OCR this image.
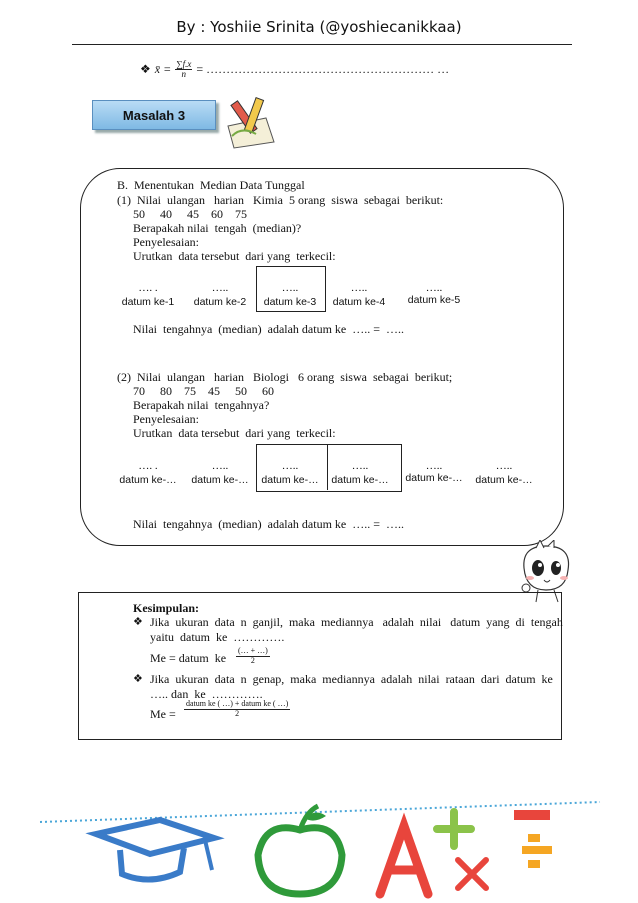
By : Yoshiie Srinita (@yoshiecanikkaa)
❖ x̄ = $\frac{\sum f.x}{n}$ = ………………………………………………… …
Masalah 3
B.  Menentukan  Median Data Tunggal
(1)  Nilai  ulangan   harian   Kimia  5 orang  siswa  sebagai  berikut:
50     40     45    60    75
Berapakah nilai  tengah  (median)?
Penyelesaian:
Urutkan  data tersebut  dari yang  terkecil:
…. .
datum ke-1
…..
datum ke-2
…..
datum ke-3
…..
datum ke-4
…..
datum ke-5
Nilai  tengahnya  (median)  adalah datum ke  ….. =  …..
(2)  Nilai  ulangan   harian   Biologi   6 orang  siswa  sebagai  berikut;
70     80    75    45     50     60
Berapakah nilai  tengahnya?
Penyelesaian:
Urutkan  data tersebut  dari yang  terkecil:
…. .
datum ke-…
…..
datum ke-…
…..
datum ke-…
…..
datum ke-…
…..
datum ke-…
…..
datum ke-…
Nilai  tengahnya  (median)  adalah datum ke  ….. =  …..
Kesimpulan:
❖ Jika  ukuran  data  n  ganjil,  maka  mediannya   adalah  nilai   datum  yang  di  tengah
yaitu  datum  ke  ………….
Me = datum  ke
(… + …)
2
❖ Jika  ukuran  data  n  genap,  maka  mediannya  adalah  nilai  rataan  dari  datum  ke
….. dan  ke  ………….
Me =
datum ke ( …) + datum ke ( …)
2
